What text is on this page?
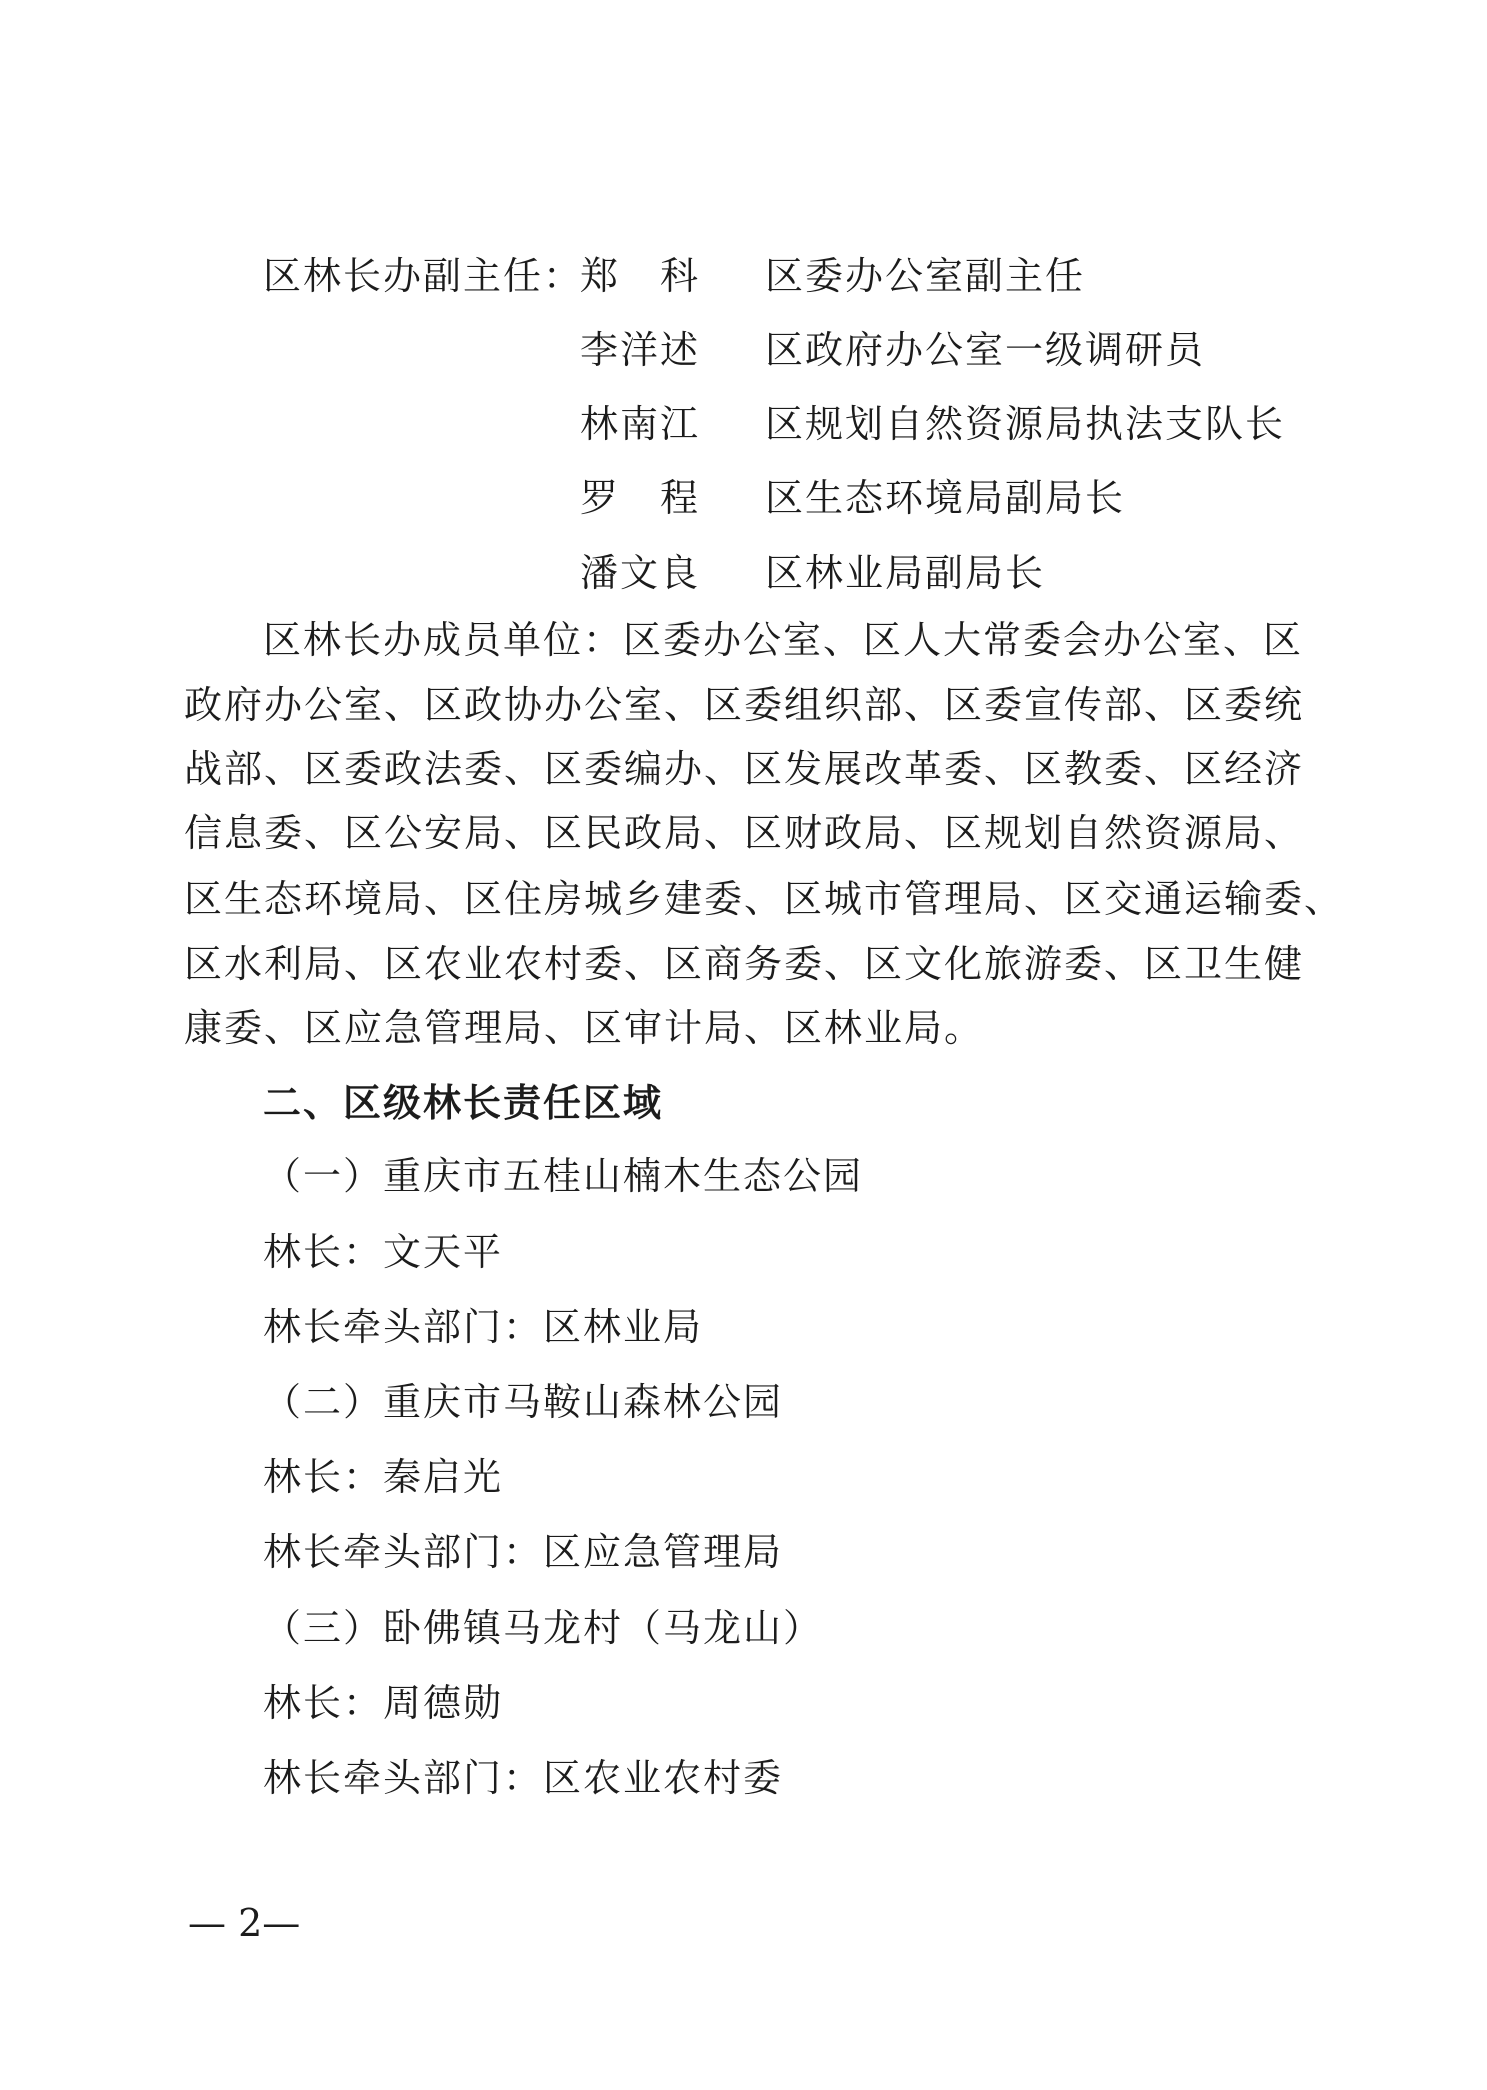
区林长办副主任：
郑　科 区委办公室副主任
李洋述 区政府办公室一级调研员
林南江 区规划自然资源局执法支队长
罗　程 区生态环境局副局长
潘文良 区林业局副局长
区林长办成员单位：区委办公室、区人大常委会办公室、区
政府办公室、区政协办公室、区委组织部、区委宣传部、区委统
战部、区委政法委、区委编办、区发展改革委、区教委、区经济
信息委、区公安局、区民政局、区财政局、区规划自然资源局、
区生态环境局、区住房城乡建委、区城市管理局、区交通运输委、
区水利局、区农业农村委、区商务委、区文化旅游委、区卫生健
康委、区应急管理局、区审计局、区林业局。
二、区级林长责任区域
（一）重庆市五桂山楠木生态公园
林长：文天平
林长牵头部门：区林业局
（二）重庆市马鞍山森林公园
林长：秦启光
林长牵头部门：区应急管理局
（三）卧佛镇马龙村（马龙山）
林长：周德勋
林长牵头部门：区农业农村委
— 2—
